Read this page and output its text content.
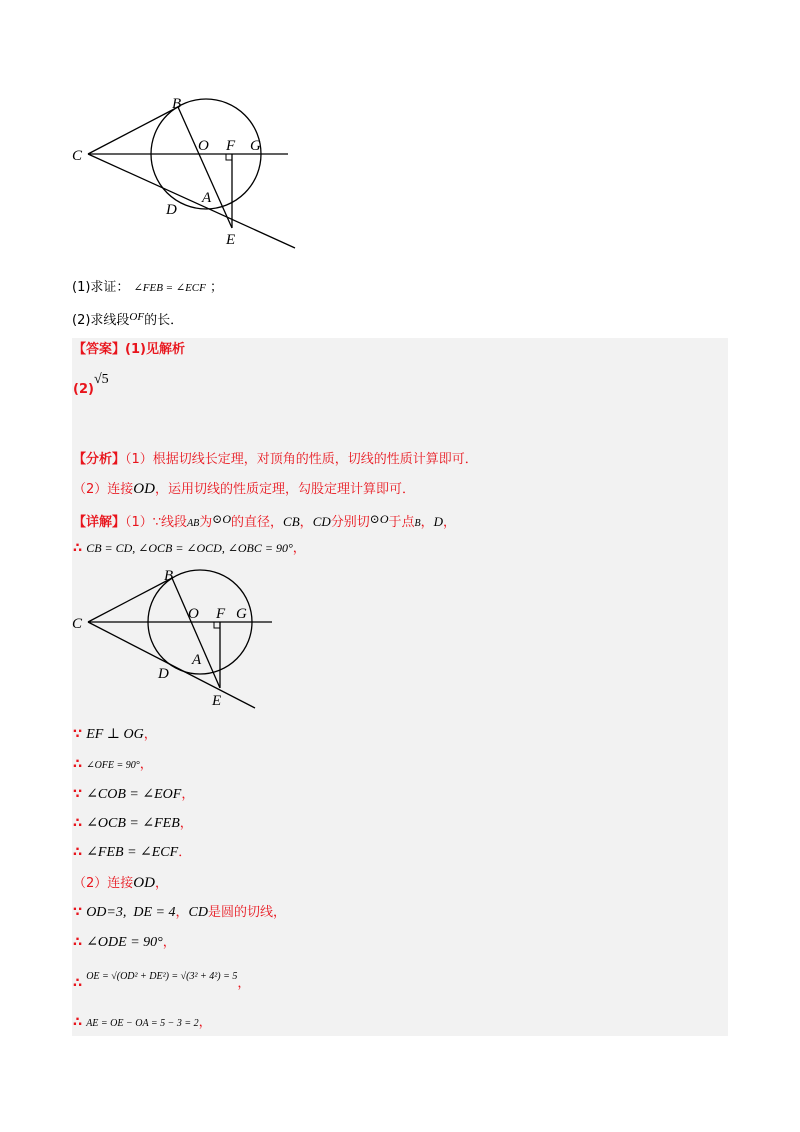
B
C
O F G
D
A
E
(1)求证： ∠FEB = ∠ECF ；
(2)求线段$^{OF}$的长．
【答案】(1)见解析
(2)√5
【分析】（1）根据切线长定理，对顶角的性质，切线的性质计算即可．
（2）连接OD，运用切线的性质定理，勾股定理计算即可．
【详解】（1）∵线段AB为⊙O的直径，CB，CD分别切⊙O于点B，D，
∴ CB = CD, ∠OCB = ∠OCD, ∠OBC = 90°，
B
C
O F G
D
A
E
∵ EF ⊥ OG，
∴ ∠OFE = 90°，
∵ ∠COB = ∠EOF，
∴ ∠OCB = ∠FEB，
∴ ∠FEB = ∠ECF．
（2）连接OD，
∵ OD=3,  DE = 4，CD是圆的切线，
∴ ∠ODE = 90°，
∴ OE = √(OD² + DE²) = √(3² + 4²) = 5，
∴ AE = OE − OA = 5 − 3 = 2，
